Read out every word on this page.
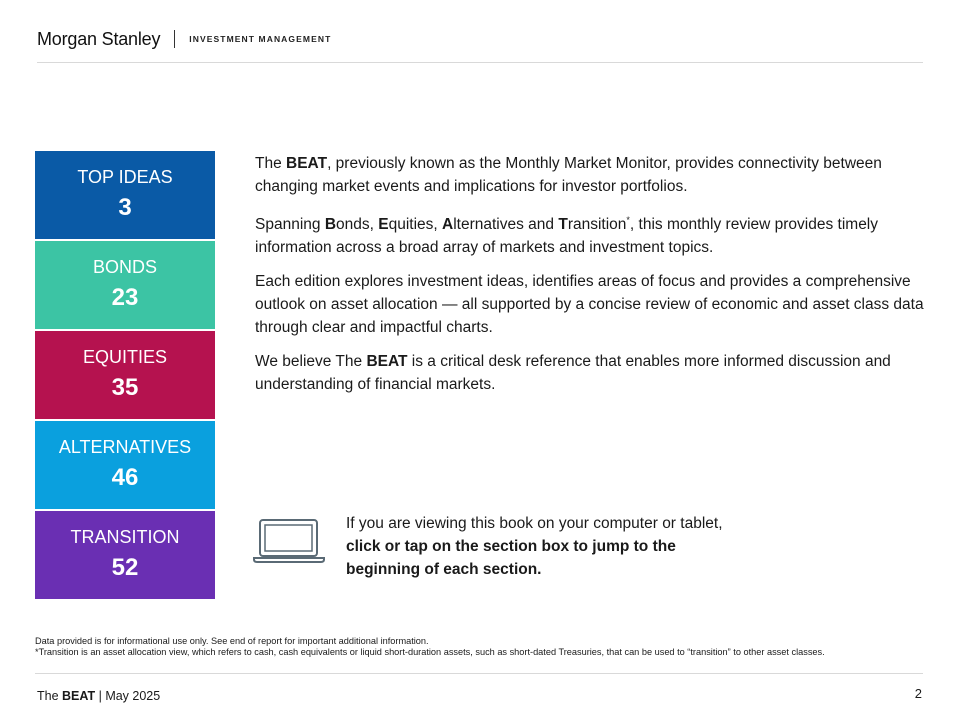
Morgan Stanley	INVESTMENT MANAGEMENT
TOP IDEAS
3
BONDS
23
EQUITIES
35
ALTERNATIVES
46
TRANSITION
52

The BEAT, previously known as the Monthly Market Monitor, provides connectivity between changing market events and implications for investor portfolios.

Spanning Bonds, Equities, Alternatives and Transition*, this monthly review provides timely information across a broad array of markets and investment topics.

Each edition explores investment ideas, identifies areas of focus and provides a comprehensive outlook on asset allocation — all supported by a concise review of economic and asset class data through clear and impactful charts.

We believe The BEAT is a critical desk reference that enables more informed discussion and understanding of financial markets.

If you are viewing this book on your computer or tablet, click or tap on the section box to jump to the beginning of each section.
Data provided is for informational use only. See end of report for important additional information.
*Transition is an asset allocation view, which refers to cash, cash equivalents or liquid short-duration assets, such as short-dated Treasuries, that can be used to “transition” to other asset classes.
The BEAT | May 2025	2
